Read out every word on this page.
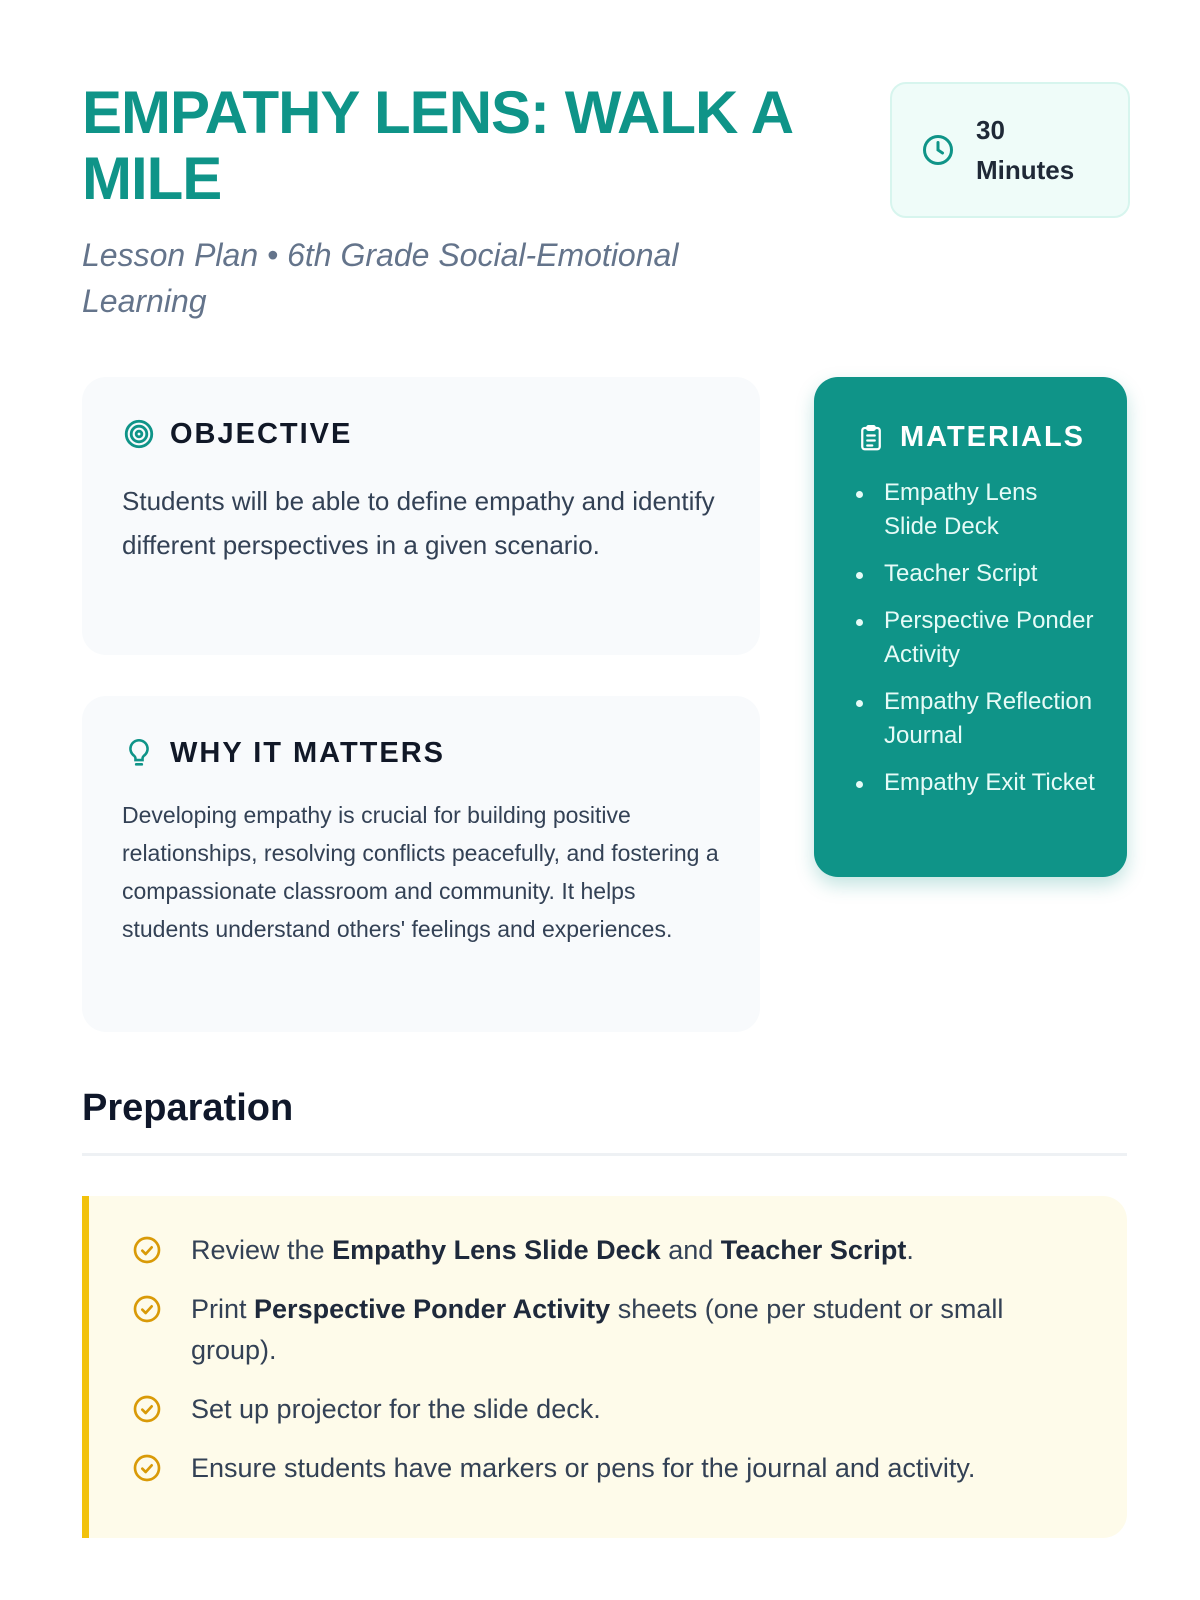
EMPATHY LENS: WALK A MILE
Lesson Plan • 6th Grade Social-Emotional Learning
30 Minutes
OBJECTIVE

Students will be able to define empathy and identify different perspectives in a given scenario.

WHY IT MATTERS

Developing empathy is crucial for building positive relationships, resolving conflicts peacefully, and fostering a compassionate classroom and community. It helps students understand others' feelings and experiences.

MATERIALS
Empathy Lens Slide Deck
Teacher Script
Perspective Ponder Activity
Empathy Reflection Journal
Empathy Exit Ticket
Preparation

Review the Empathy Lens Slide Deck and Teacher Script.

Print Perspective Ponder Activity sheets (one per student or small group).

Set up projector for the slide deck.

Ensure students have markers or pens for the journal and activity.
